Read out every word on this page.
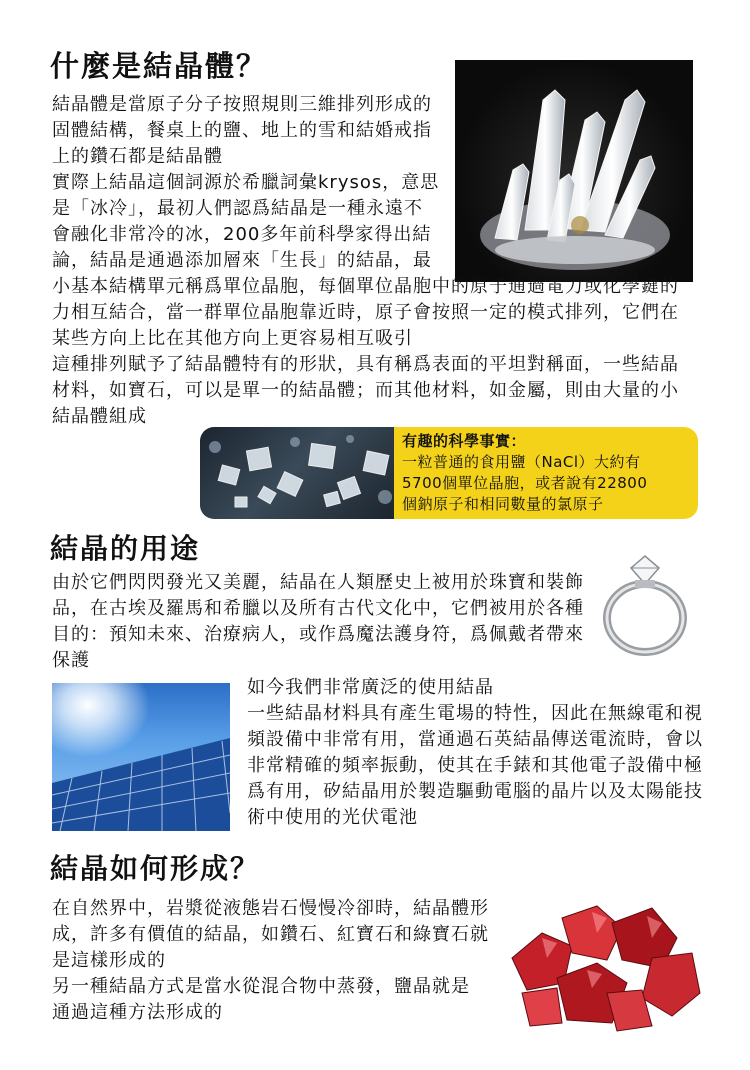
什麼是結晶體？

結晶體是當原子分子按照規則三維排列形成的

固體結構，餐桌上的鹽、地上的雪和結婚戒指

上的鑽石都是結晶體

實際上結晶這個詞源於希臘詞彙krysos，意思

是「冰冷」，最初人們認爲結晶是一種永遠不

會融化非常冷的冰，200多年前科學家得出結

論，結晶是通過添加層來「生長」的結晶，最

小基本結構單元稱爲單位晶胞，每個單位晶胞中的原子通過電力或化學鍵的

力相互結合，當一群單位晶胞靠近時，原子會按照一定的模式排列，它們在

某些方向上比在其他方向上更容易相互吸引

這種排列賦予了結晶體特有的形狀，具有稱爲表面的平坦對稱面，一些結晶

材料，如寶石，可以是單一的結晶體；而其他材料，如金屬，則由大量的小

結晶體組成

有趣的科學事實：
一粒普通的食用鹽（NaCl）大約有
5700個單位晶胞，或者說有22800
個鈉原子和相同數量的氯原子
結晶的用途

由於它們閃閃發光又美麗，結晶在人類歷史上被用於珠寶和裝飾

品，在古埃及羅馬和希臘以及所有古代文化中，它們被用於各種

目的：預知未來、治療病人，或作爲魔法護身符，爲佩戴者帶來

保護

如今我們非常廣泛的使用結晶

一些結晶材料具有產生電場的特性，因此在無線電和視

頻設備中非常有用，當通過石英結晶傳送電流時，會以

非常精確的頻率振動，使其在手錶和其他電子設備中極

爲有用，矽結晶用於製造驅動電腦的晶片以及太陽能技

術中使用的光伏電池

結晶如何形成？

在自然界中，岩漿從液態岩石慢慢冷卻時，結晶體形

成，許多有價值的結晶，如鑽石、紅寶石和綠寶石就

是這樣形成的

另一種結晶方式是當水從混合物中蒸發，鹽晶就是

通過這種方法形成的
